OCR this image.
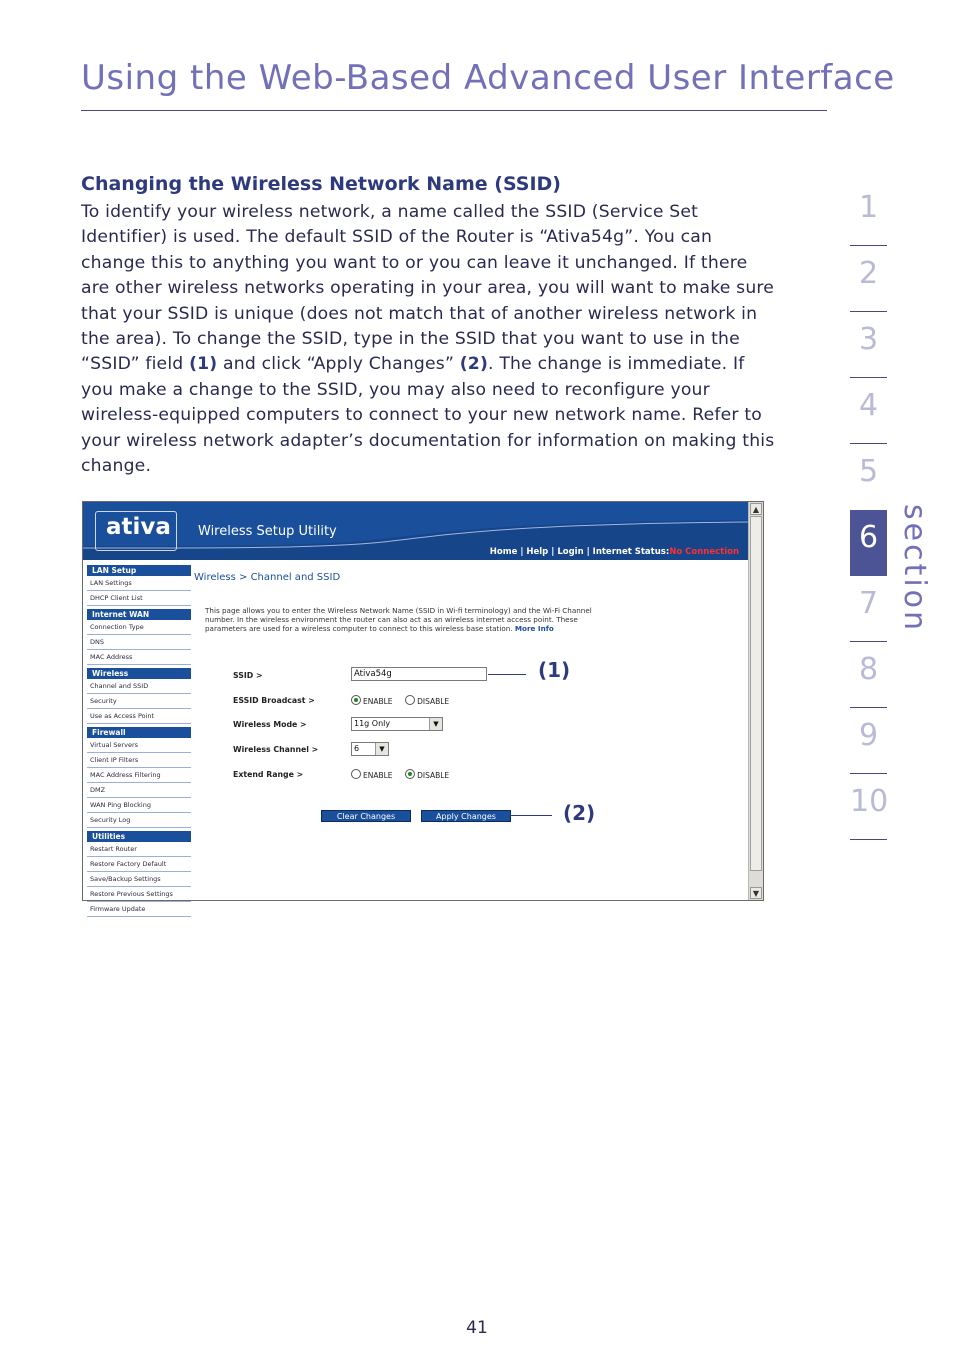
Using the Web-Based Advanced User Interface
Changing the Wireless Network Name (SSID)

To identify your wireless network, a name called the SSID (Service Set Identifier) is used. The default SSID of the Router is “Ativa54g”. You can change this to anything you want to or you can leave it unchanged. If there are other wireless networks operating in your area, you will want to make sure that your SSID is unique (does not match that of another wireless network in the area). To change the SSID, type in the SSID that you want to use in the “SSID” field (1) and click “Apply Changes” (2). The change is immediate. If you make a change to the SSID, you may also need to reconfigure your wireless-equipped computers to connect to your new network name. Refer to your wireless network adapter’s documentation for information on making this change.

1
2
3
4
5
6
7
8
9
10
section
ativa Wireless Setup Utility
Home | Help | Login | Internet Status:No Connection
▲
▼
LAN Setup
LAN Settings
DHCP Client List
Internet WAN
Connection Type
DNS
MAC Address
Wireless
Channel and SSID
Security
Use as Access Point
Firewall
Virtual Servers
Client IP Filters
MAC Address Filtering
DMZ
WAN Ping Blocking
Security Log
Utilities
Restart Router
Restore Factory Default
Save/Backup Settings
Restore Previous Settings
Firmware Update
Wireless > Channel and SSID
This page allows you to enter the Wireless Network Name (SSID in Wi-fi terminology) and the Wi-Fi Channel number. In the wireless environment the router can also act as an wireless internet access point. These parameters are used for a wireless computer to connect to this wireless base station. More Info
SSID >	Ativa54g
ESSID Broadcast >	ENABLE	DISABLE
Wireless Mode >	11g Only	▼
Wireless Channel >	6	▼
Extend Range >	ENABLE	DISABLE
Clear Changes	Apply Changes
(1)
(2)
41
